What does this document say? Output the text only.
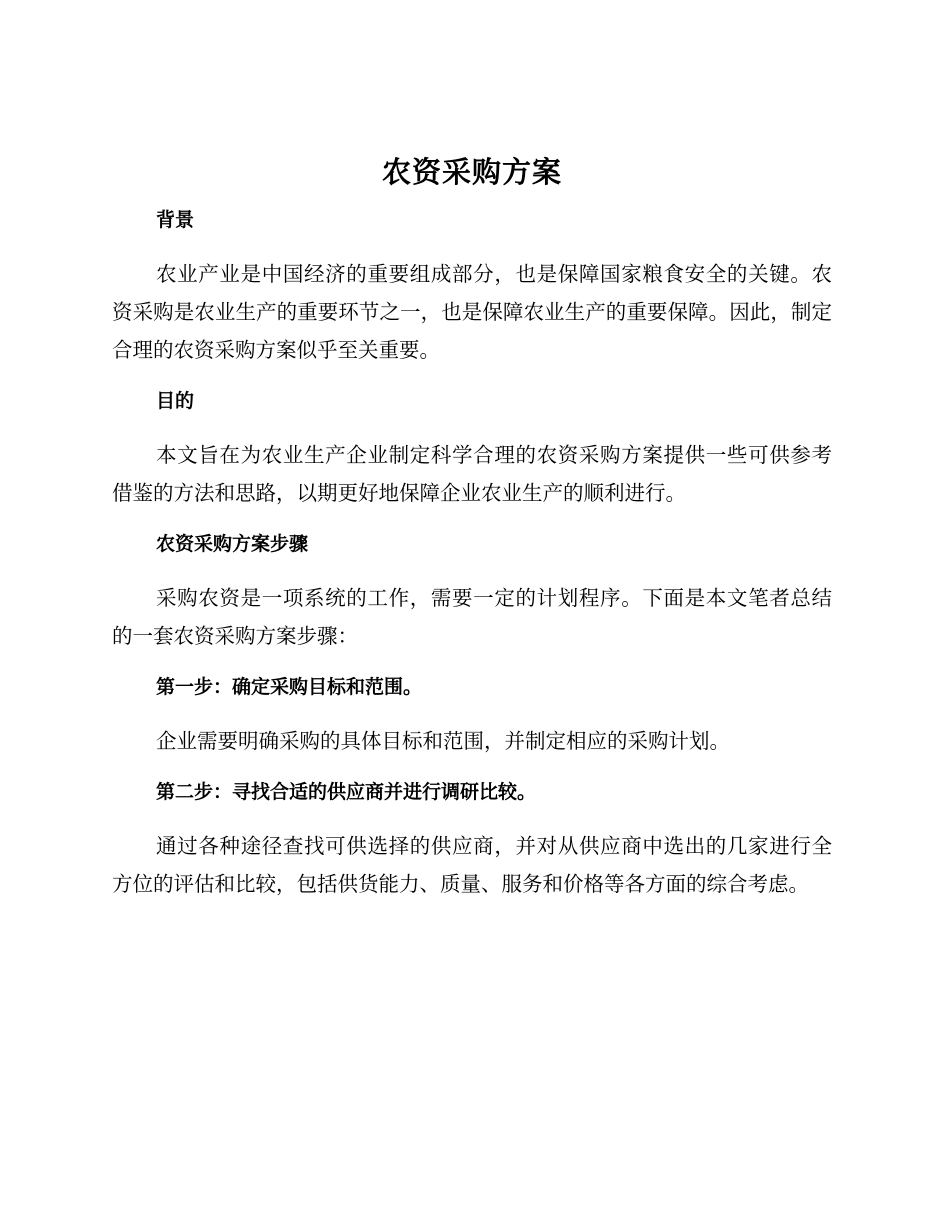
农资采购方案
背景

农业产业是中国经济的重要组成部分，也是保障国家粮食安全的关键。农资采购是农业生产的重要环节之一，也是保障农业生产的重要保障。因此，制定合理的农资采购方案似乎至关重要。

目的

本文旨在为农业生产企业制定科学合理的农资采购方案提供一些可供参考借鉴的方法和思路，以期更好地保障企业农业生产的顺利进行。

农资采购方案步骤

采购农资是一项系统的工作，需要一定的计划程序。下面是本文笔者总结的一套农资采购方案步骤：

第一步：确定采购目标和范围。

企业需要明确采购的具体目标和范围，并制定相应的采购计划。

第二步：寻找合适的供应商并进行调研比较。

通过各种途径查找可供选择的供应商，并对从供应商中选出的几家进行全方位的评估和比较，包括供货能力、质量、服务和价格等各方面的综合考虑。
